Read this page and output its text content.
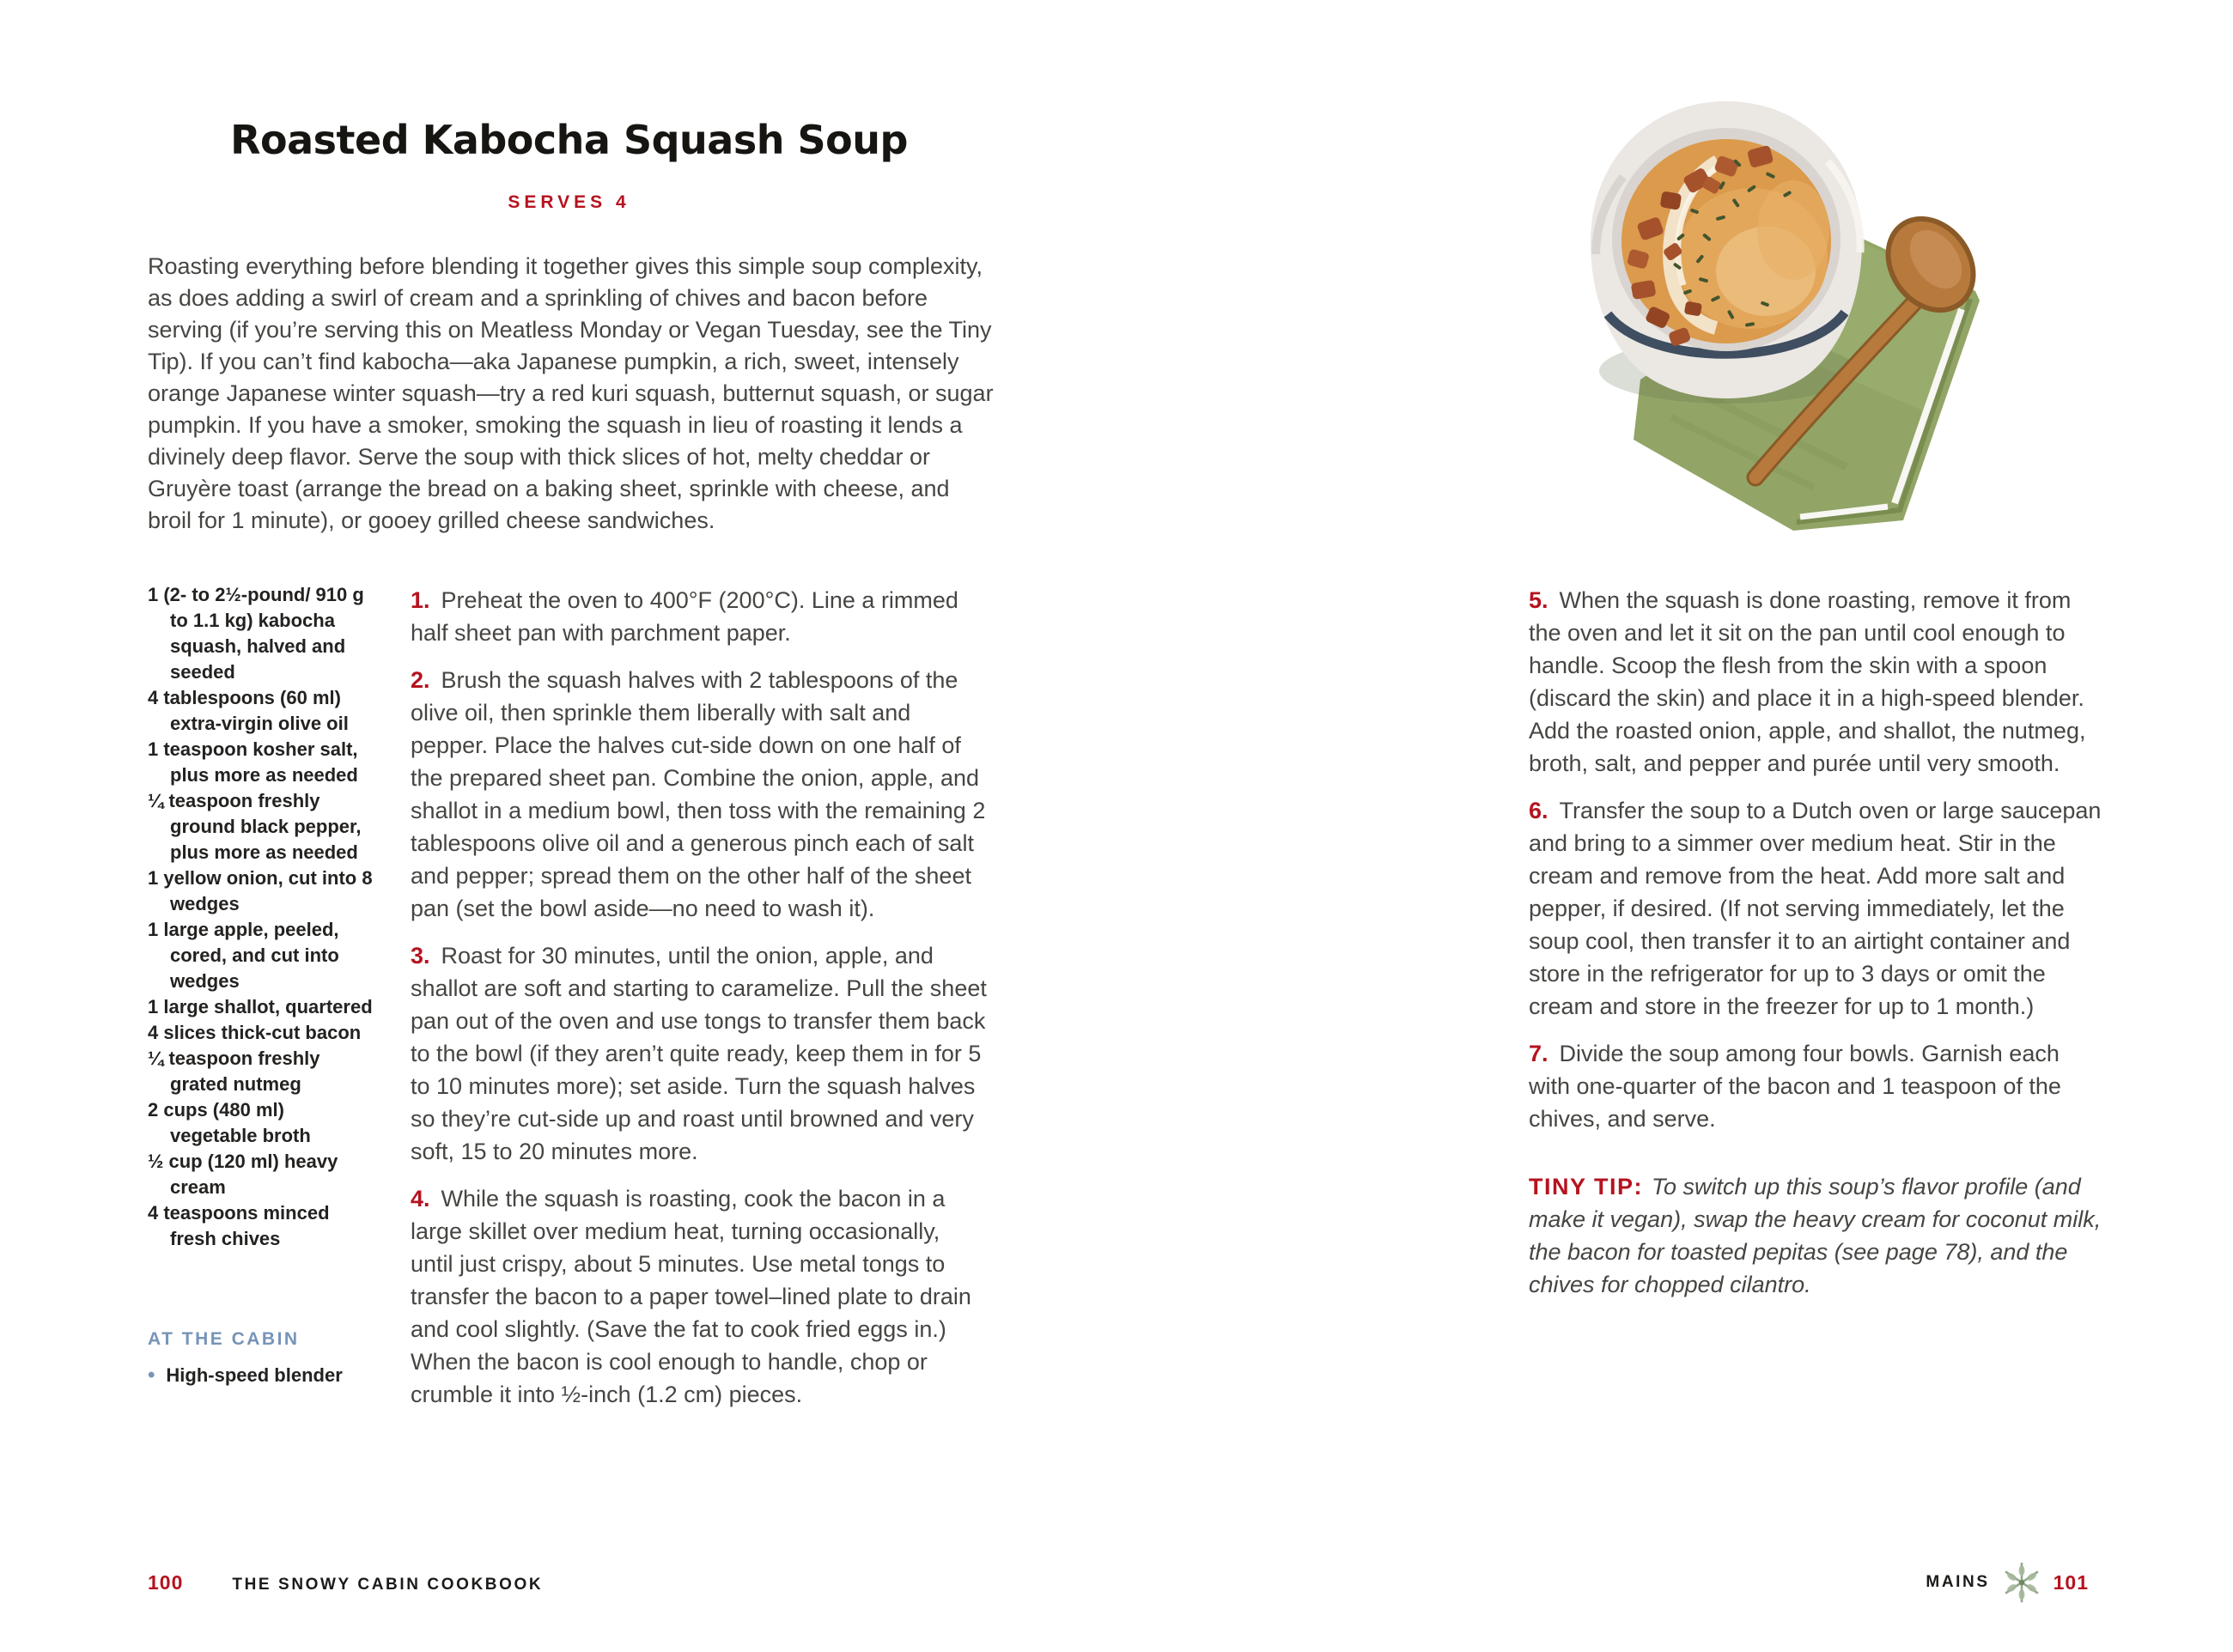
Roasted Kabocha Squash Soup
SERVES 4

Roasting everything before blending it together gives this simple soup complexity, as does adding a swirl of cream and a sprinkling of chives and bacon before serving (if you’re serving this on Meatless Monday or Vegan Tuesday, see the Tiny Tip). If you can’t find kabocha—aka Japanese pumpkin, a rich, sweet, intensely orange Japanese winter squash—try a red kuri squash, butternut squash, or sugar pumpkin. If you have a smoker, smoking the squash in lieu of roasting it lends a divinely deep flavor. Serve the soup with thick slices of hot, melty cheddar or Gruyère toast (arrange the bread on a baking sheet, sprinkle with cheese, and broil for 1 minute), or gooey grilled cheese sandwiches.

1 (2- to 2½-pound/ 910 g to 1.1 kg) kabocha squash, halved and seeded
4 tablespoons (60 ml) extra-virgin olive oil
1 teaspoon kosher salt, plus more as needed
¼ teaspoon freshly ground black pepper, plus more as needed
1 yellow onion, cut into 8 wedges
1 large apple, peeled, cored, and cut into wedges
1 large shallot, quartered
4 slices thick-cut bacon
¼ teaspoon freshly grated nutmeg
2 cups (480 ml) vegetable broth
½ cup (120 ml) heavy cream
4 teaspoons minced fresh chives
AT THE CABIN
• High-speed blender

1. Preheat the oven to 400°F (200°C). Line a rimmed half sheet pan with parchment paper.

2. Brush the squash halves with 2 tablespoons of the olive oil, then sprinkle them liberally with salt and pepper. Place the halves cut-side down on one half of the prepared sheet pan. Combine the onion, apple, and shallot in a medium bowl, then toss with the remaining 2 tablespoons olive oil and a generous pinch each of salt and pepper; spread them on the other half of the sheet pan (set the bowl aside—no need to wash it).

3. Roast for 30 minutes, until the onion, apple, and shallot are soft and starting to caramelize. Pull the sheet pan out of the oven and use tongs to transfer them back to the bowl (if they aren’t quite ready, keep them in for 5 to 10 minutes more); set aside. Turn the squash halves so they’re cut-side up and roast until browned and very soft, 15 to 20 minutes more.

4. While the squash is roasting, cook the bacon in a large skillet over medium heat, turning occasionally, until just crispy, about 5 minutes. Use metal tongs to transfer the bacon to a paper towel–lined plate to drain and cool slightly. (Save the fat to cook fried eggs in.) When the bacon is cool enough to handle, chop or crumble it into ½-inch (1.2 cm) pieces.

100	THE SNOWY CABIN COOKBOOK

5. When the squash is done roasting, remove it from the oven and let it sit on the pan until cool enough to handle. Scoop the flesh from the skin with a spoon (discard the skin) and place it in a high-speed blender. Add the roasted onion, apple, and shallot, the nutmeg, broth, salt, and pepper and purée until very smooth.

6. Transfer the soup to a Dutch oven or large saucepan and bring to a simmer over medium heat. Stir in the cream and remove from the heat. Add more salt and pepper, if desired. (If not serving immediately, let the soup cool, then transfer it to an airtight container and store in the refrigerator for up to 3 days or omit the cream and store in the freezer for up to 1 month.)

7. Divide the soup among four bowls. Garnish each with one-quarter of the bacon and 1 teaspoon of the chives, and serve.

TINY TIP: To switch up this soup’s flavor profile (and make it vegan), swap the heavy cream for coconut milk, the bacon for toasted pepitas (see page 78), and the chives for chopped cilantro.

MAINS	101
